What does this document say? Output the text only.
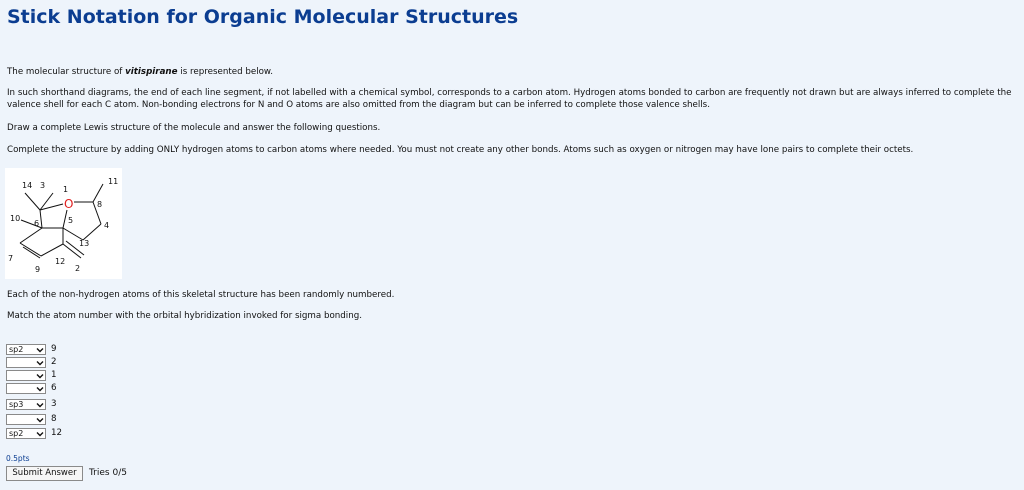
Stick Notation for Organic Molecular Structures

The molecular structure of vitispirane is represented below.

In such shorthand diagrams, the end of each line segment, if not labelled with a chemical symbol, corresponds to a carbon atom. Hydrogen atoms bonded to carbon are frequently not drawn but are always inferred to complete the valence shell for each C atom. Non-bonding electrons for N and O atoms are also omitted from the diagram but can be inferred to complete those valence shells.

Draw a complete Lewis structure of the molecule and answer the following questions.

Complete the structure by adding ONLY hydrogen atoms to carbon atoms where needed. You must not create any other bonds. Atoms such as oxygen or nitrogen may have lone pairs to complete their octets.

O
14 3 1
11
8
10
6	5
4
13
7	12
9	2

Each of the non-hydrogen atoms of this skeletal structure has been randomly numbered.

Match the atom number with the orbital hybridization invoked for sigma bonding.

sp2	9
2
1
6
sp3	3
8
sp2	12
0.5pts
Submit Answer	Tries 0/5
